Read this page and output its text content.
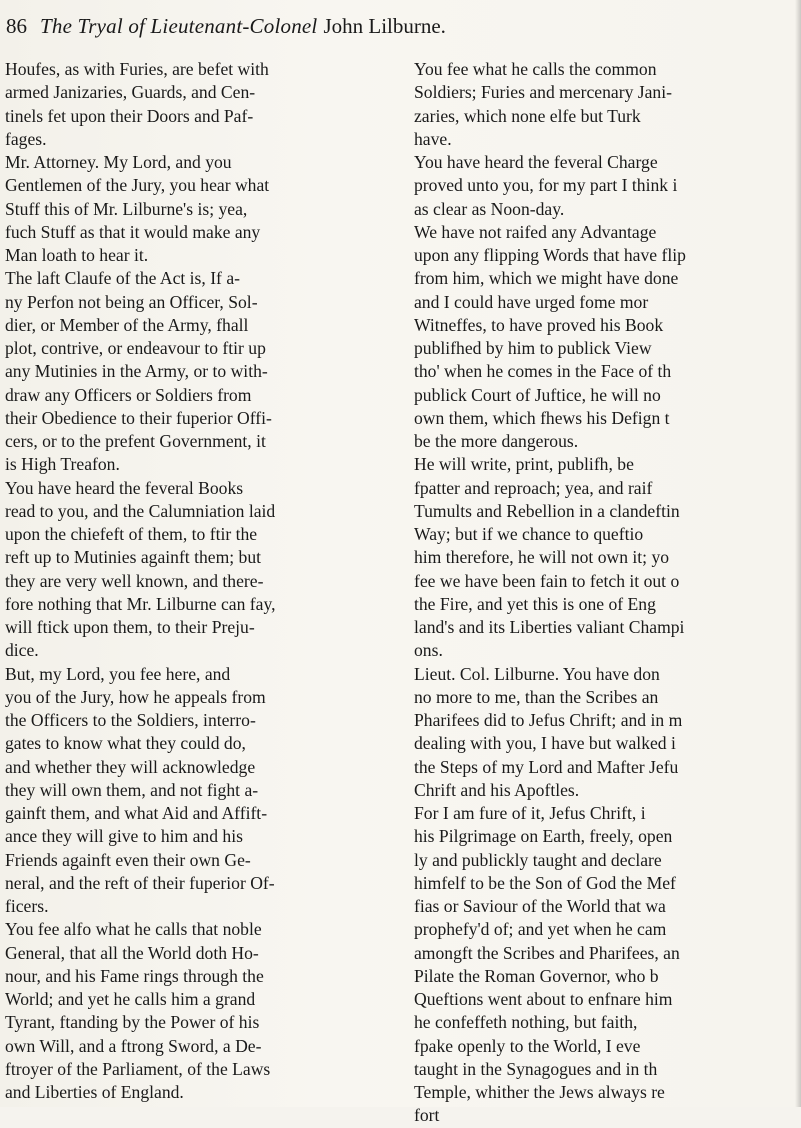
86 The Tryal of Lieutenant-Colonel John Lilburne.
Houfes, as with Furies, are befet with
armed Janizaries, Guards, and Cen-
tinels fet upon their Doors and Paf-
fages.
Mr. Attorney. My Lord, and you
Gentlemen of the Jury, you hear what
Stuff this of Mr. Lilburne's is; yea,
fuch Stuff as that it would make any
Man loath to hear it.
The laft Claufe of the Act is, If a-
ny Perfon not being an Officer, Sol-
dier, or Member of the Army, fhall
plot, contrive, or endeavour to ftir up
any Mutinies in the Army, or to with-
draw any Officers or Soldiers from
their Obedience to their fuperior Offi-
cers, or to the prefent Government, it
is High Treafon.
You have heard the feveral Books
read to you, and the Calumniation laid
upon the chiefeft of them, to ftir the
reft up to Mutinies againft them; but
they are very well known, and there-
fore nothing that Mr. Lilburne can fay,
will ftick upon them, to their Preju-
dice.
But, my Lord, you fee here, and
you of the Jury, how he appeals from
the Officers to the Soldiers, interro-
gates to know what they could do,
and whether they will acknowledge
they will own them, and not fight a-
gainft them, and what Aid and Affift-
ance they will give to him and his
Friends againft even their own Ge-
neral, and the reft of their fuperior Of-
ficers.
You fee alfo what he calls that noble
General, that all the World doth Ho-
nour, and his Fame rings through the
World; and yet he calls him a grand
Tyrant, ftanding by the Power of his
own Will, and a ftrong Sword, a De-
ftroyer of the Parliament, of the Laws
and Liberties of England.
You fee what he calls the common
Soldiers; Furies and mercenary Jani-
zaries, which none elfe but Turk
have.
You have heard the feveral Charge
proved unto you, for my part I think i
as clear as Noon-day.
We have not raifed any Advantage
upon any flipping Words that have flip
from him, which we might have done
and I could have urged fome mor
Witneffes, to have proved his Book
publifhed by him to publick View
tho' when he comes in the Face of th
publick Court of Juftice, he will no
own them, which fhews his Defign t
be the more dangerous.
He will write, print, publifh, be
fpatter and reproach; yea, and raif
Tumults and Rebellion in a clandeftin
Way; but if we chance to queftio
him therefore, he will not own it; yo
fee we have been fain to fetch it out o
the Fire, and yet this is one of Eng
land's and its Liberties valiant Champi
ons.
Lieut. Col. Lilburne. You have don
no more to me, than the Scribes an
Pharifees did to Jefus Chrift; and in m
dealing with you, I have but walked i
the Steps of my Lord and Mafter Jefu
Chrift and his Apoftles.
For I am fure of it, Jefus Chrift, i
his Pilgrimage on Earth, freely, open
ly and publickly taught and declare
himfelf to be the Son of God the Mef
fias or Saviour of the World that wa
prophefy'd of; and yet when he cam
amongft the Scribes and Pharifees, an
Pilate the Roman Governor, who b
Queftions went about to enfnare him
he confeffeth nothing, but faith,
fpake openly to the World, I eve
taught in the Synagogues and in th
Temple, whither the Jews always re
fort
